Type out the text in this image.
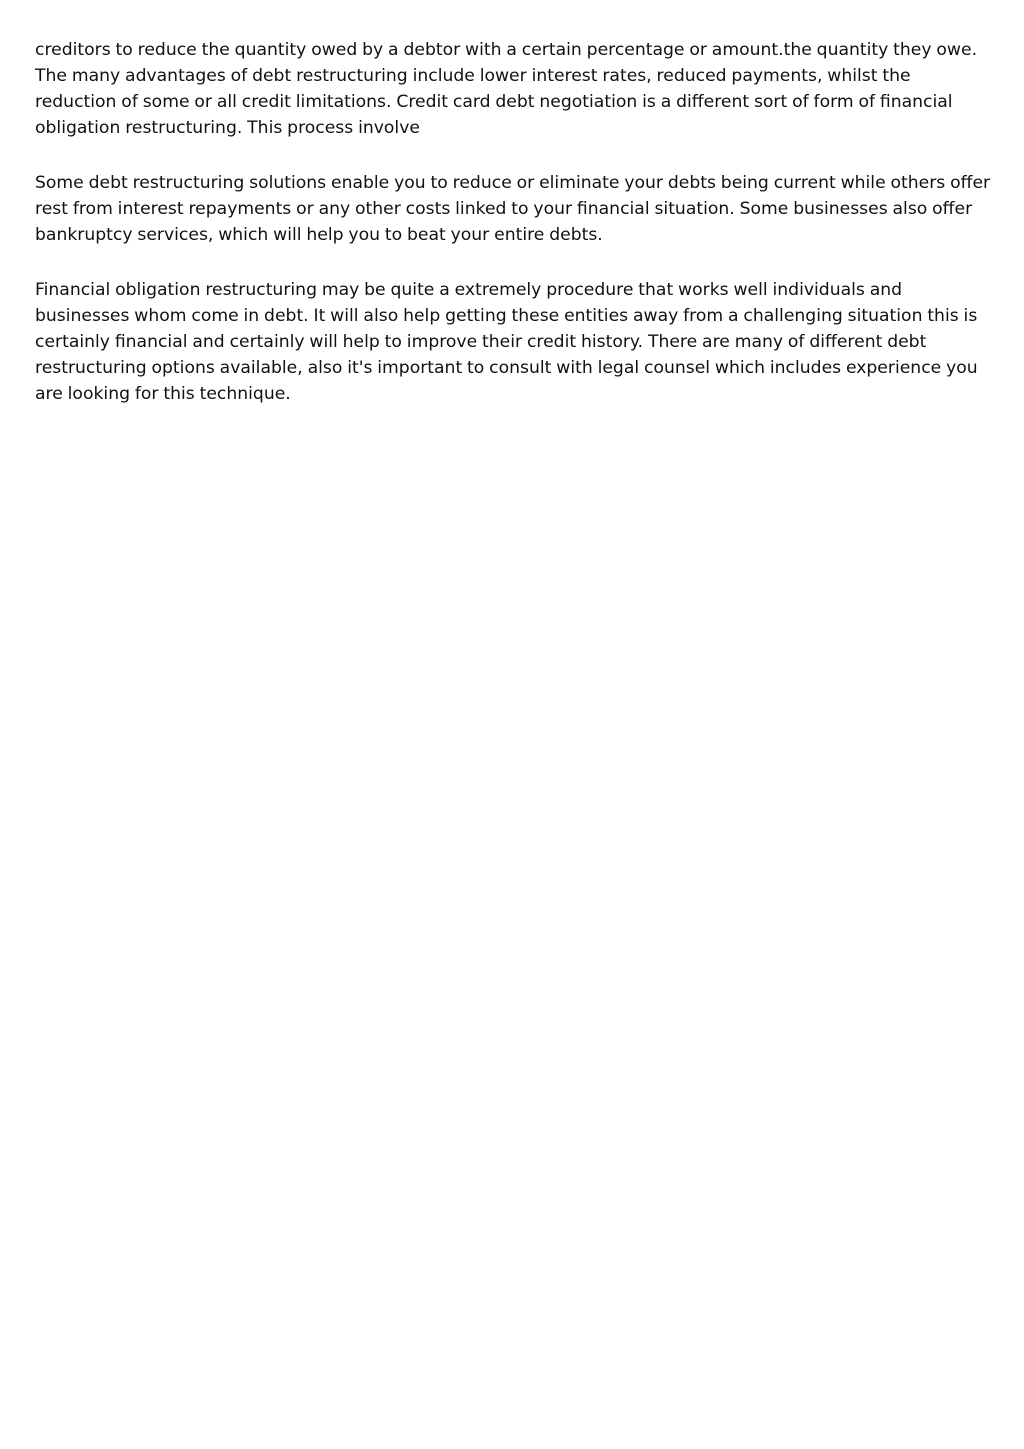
creditors to reduce the quantity owed by a debtor with a certain percentage or amount.the quantity they owe. The many advantages of debt restructuring include lower interest rates, reduced payments, whilst the reduction of some or all credit limitations. Credit card debt negotiation is a different sort of form of financial obligation restructuring. This process involve

Some debt restructuring solutions enable you to reduce or eliminate your debts being current while others offer rest from interest repayments or any other costs linked to your financial situation. Some businesses also offer bankruptcy services, which will help you to beat your entire debts.

Financial obligation restructuring may be quite a extremely procedure that works well individuals and businesses whom come in debt. It will also help getting these entities away from a challenging situation this is certainly financial and certainly will help to improve their credit history. There are many of different debt restructuring options available, also it's important to consult with legal counsel which includes experience you are looking for this technique.
